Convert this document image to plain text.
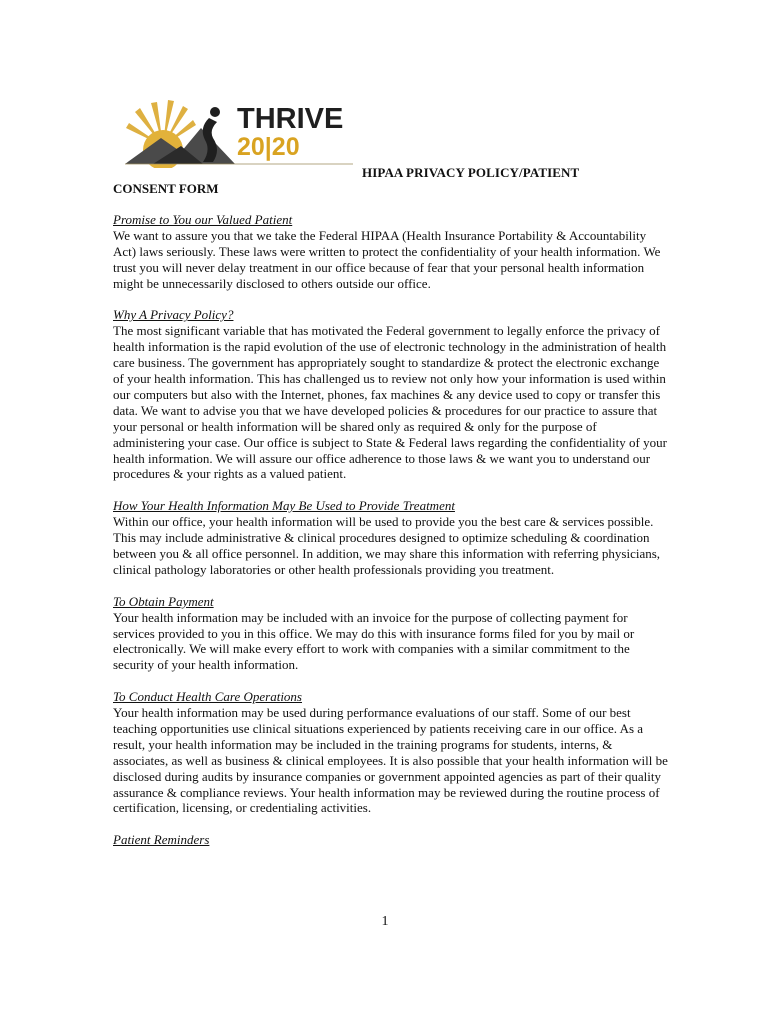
THRIVE
20|20
HIPAA PRIVACY POLICY/PATIENT
CONSENT FORM
Promise to You our Valued Patient
We want to assure you that we take the Federal HIPAA (Health Insurance Portability & Accountability Act) laws seriously. These laws were written to protect the confidentiality of your health information. We trust you will never delay treatment in our office because of fear that your personal health information might be unnecessarily disclosed to others outside our office.
Why A Privacy Policy?
The most significant variable that has motivated the Federal government to legally enforce the privacy of health information is the rapid evolution of the use of electronic technology in the administration of health care business. The government has appropriately sought to standardize & protect the electronic exchange of your health information. This has challenged us to review not only how your information is used within our computers but also with the Internet, phones, fax machines & any device used to copy or transfer this data. We want to advise you that we have developed policies & procedures for our practice to assure that your personal or health information will be shared only as required & only for the purpose of administering your case. Our office is subject to State & Federal laws regarding the confidentiality of your health information. We will assure our office adherence to those laws & we want you to understand our procedures & your rights as a valued patient.
How Your Health Information May Be Used to Provide Treatment
Within our office, your health information will be used to provide you the best care & services possible. This may include administrative & clinical procedures designed to optimize scheduling & coordination between you & all office personnel. In addition, we may share this information with referring physicians, clinical pathology laboratories or other health professionals providing you treatment.
To Obtain Payment
Your health information may be included with an invoice for the purpose of collecting payment for services provided to you in this office. We may do this with insurance forms filed for you by mail or electronically. We will make every effort to work with companies with a similar commitment to the security of your health information.
To Conduct Health Care Operations
Your health information may be used during performance evaluations of our staff. Some of our best teaching opportunities use clinical situations experienced by patients receiving care in our office. As a result, your health information may be included in the training programs for students, interns, & associates, as well as business & clinical employees. It is also possible that your health information will be disclosed during audits by insurance companies or government appointed agencies as part of their quality assurance & compliance reviews. Your health information may be reviewed during the routine process of certification, licensing, or credentialing activities.
Patient Reminders
1
